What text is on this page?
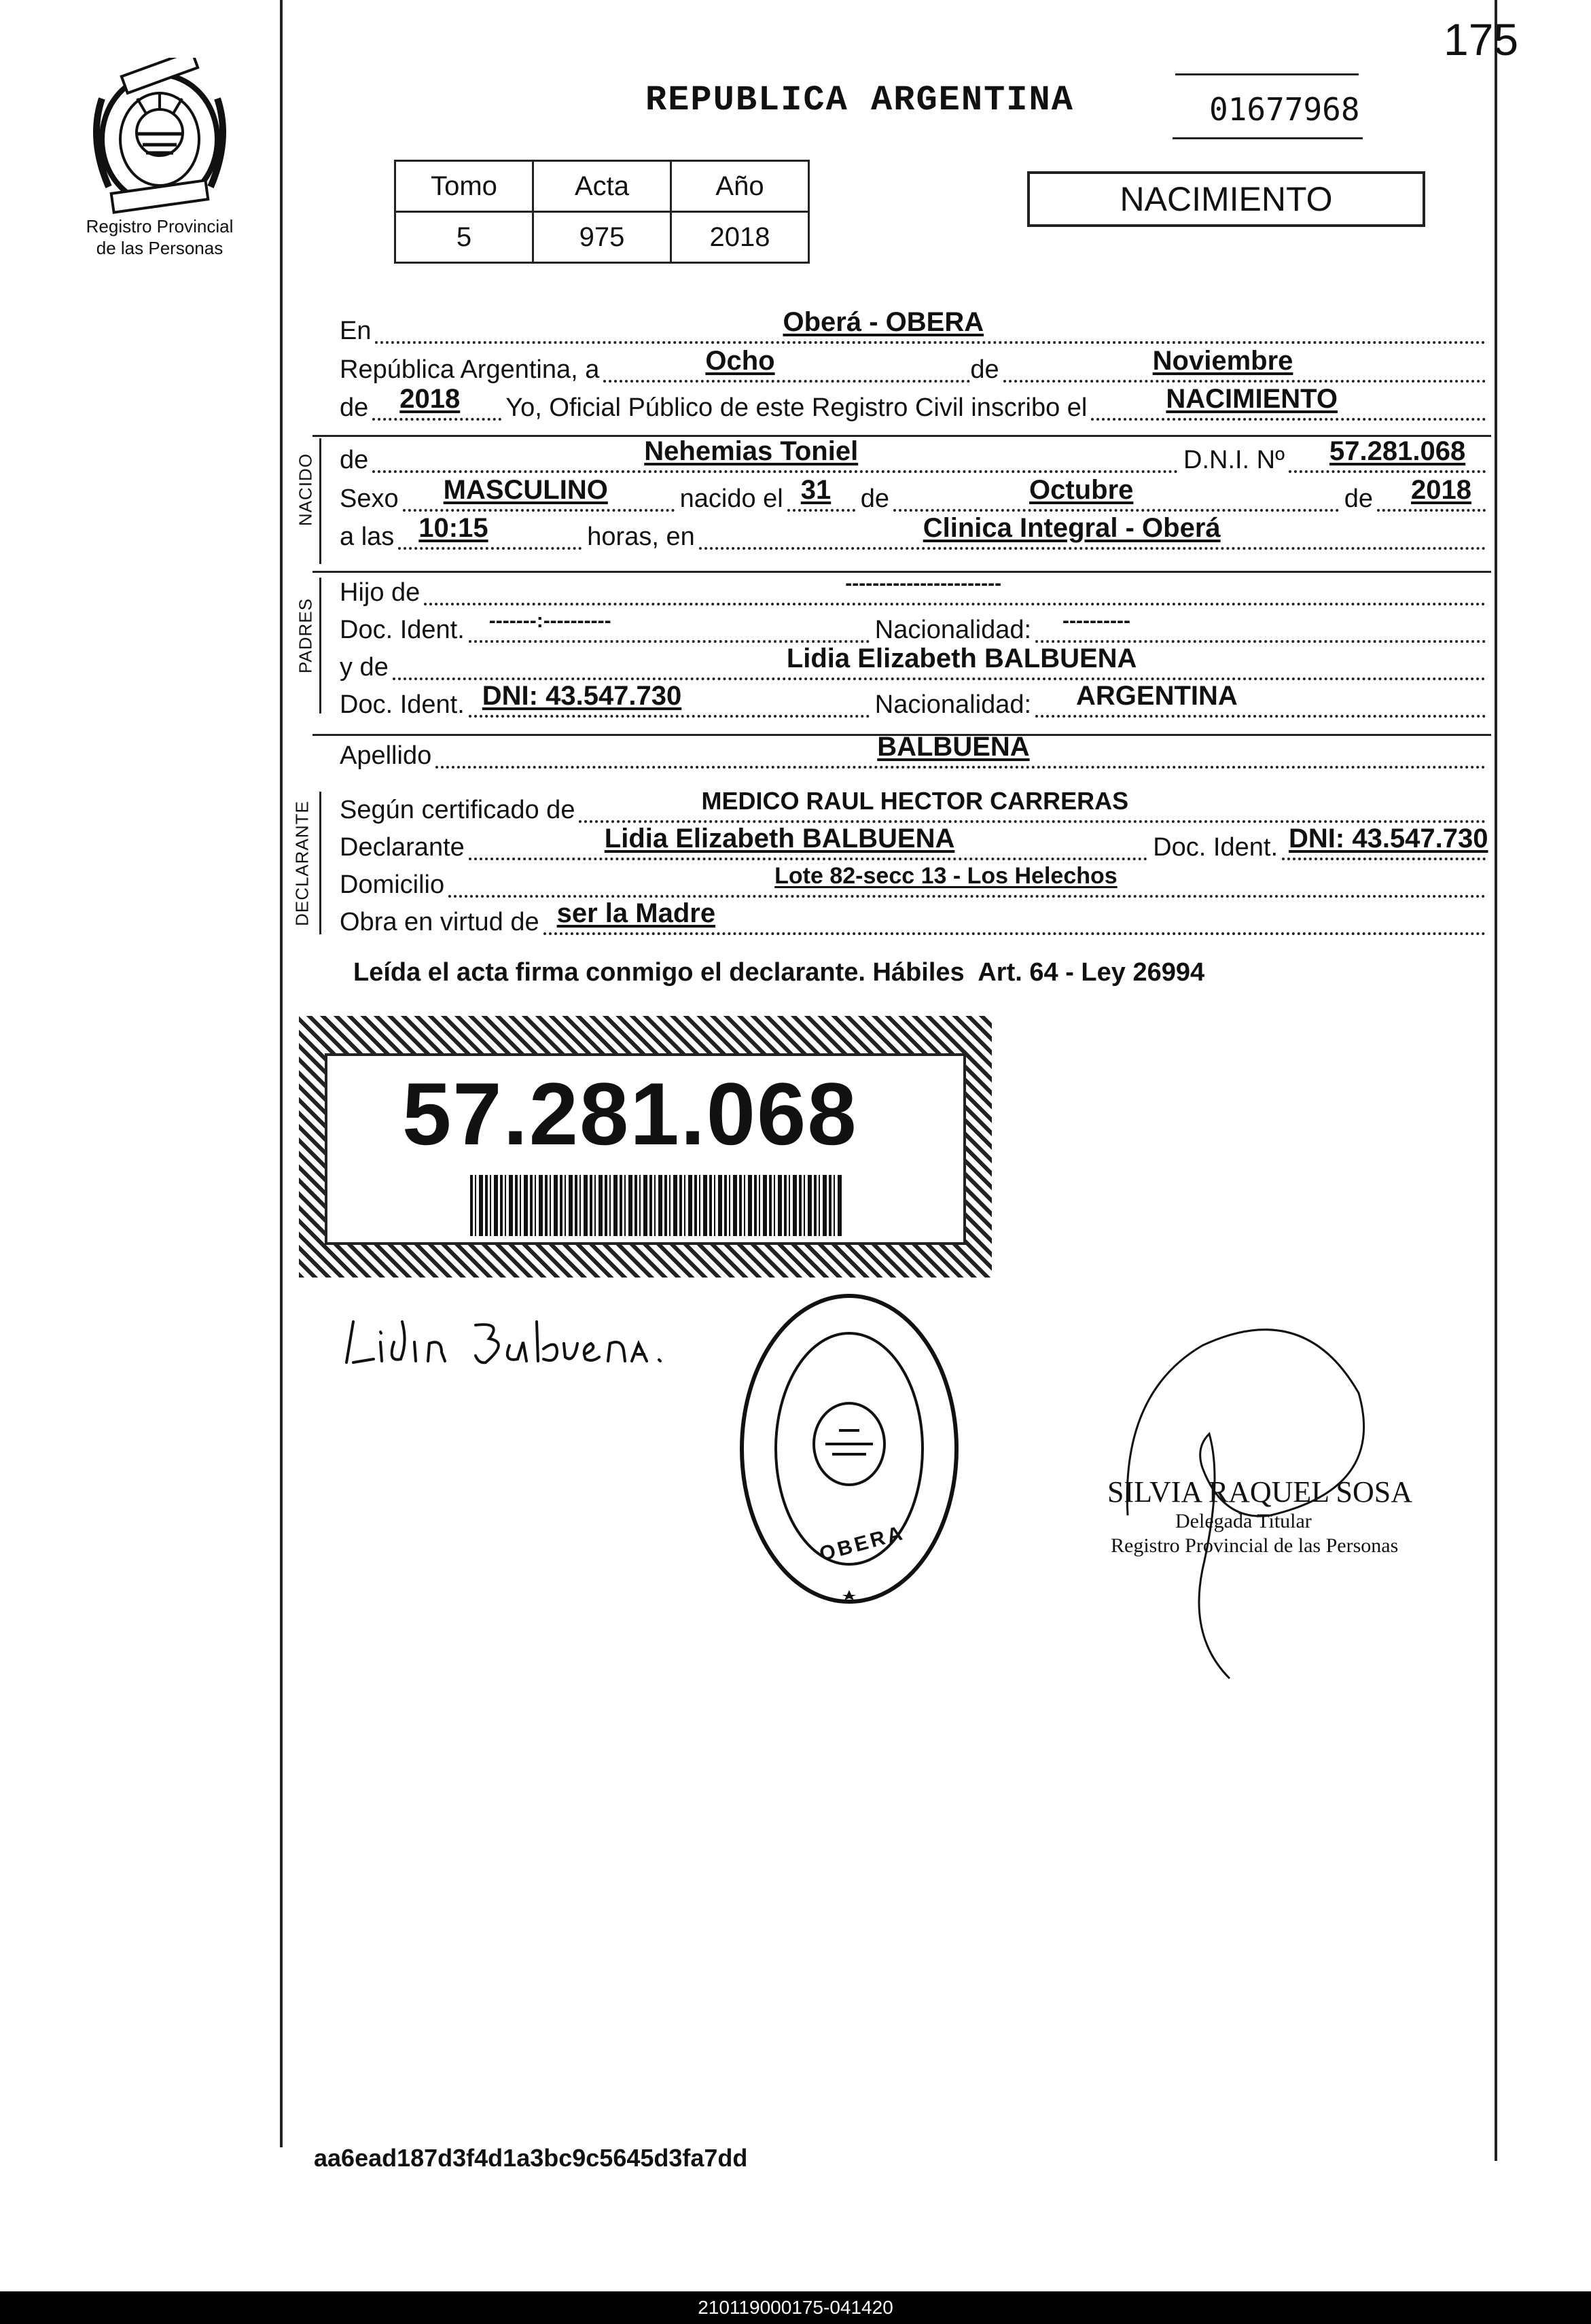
175
Registro Provincial
de las Personas
REPUBLICA ARGENTINA	01677968
Tomo	Acta	Año
5	975	2018
NACIMIENTO
NACIDO
PADRES
DECLARANTE
En	Oberá - OBERA
República Argentina, a	Ocho	de	Noviembre
de 2018 Yo, Oficial Público de este Registro Civil inscribo el	NACIMIENTO
de	Nehemias Toniel	D.N.I. Nº 57.281.068
Sexo MASCULINO	nacido el 31 de	Octubre	de 2018
a las 10:15	horas, en	Clinica Integral - Oberá
Hijo de	-----------------------
Doc. Ident. -------:----------	Nacionalidad: ----------
y de	Lidia Elizabeth BALBUENA
Doc. Ident. DNI: 43.547.730	Nacionalidad: ARGENTINA
Apellido	BALBUENA
Según certificado de	MEDICO RAUL HECTOR CARRERAS
Declarante	Lidia Elizabeth BALBUENA	Doc. Ident. DNI: 43.547.730
Domicilio	Lote 82-secc 13 - Los Helechos
Obra en virtud de ser la Madre
Leída el acta firma conmigo el declarante. Hábiles  Art. 64 - Ley 26994
57.281.068
OBERA
SILVIA RAQUEL SOSA
Delegada Titular
Registro Provincial de las Personas
aa6ead187d3f4d1a3bc9c5645d3fa7dd
210119000175-041420
